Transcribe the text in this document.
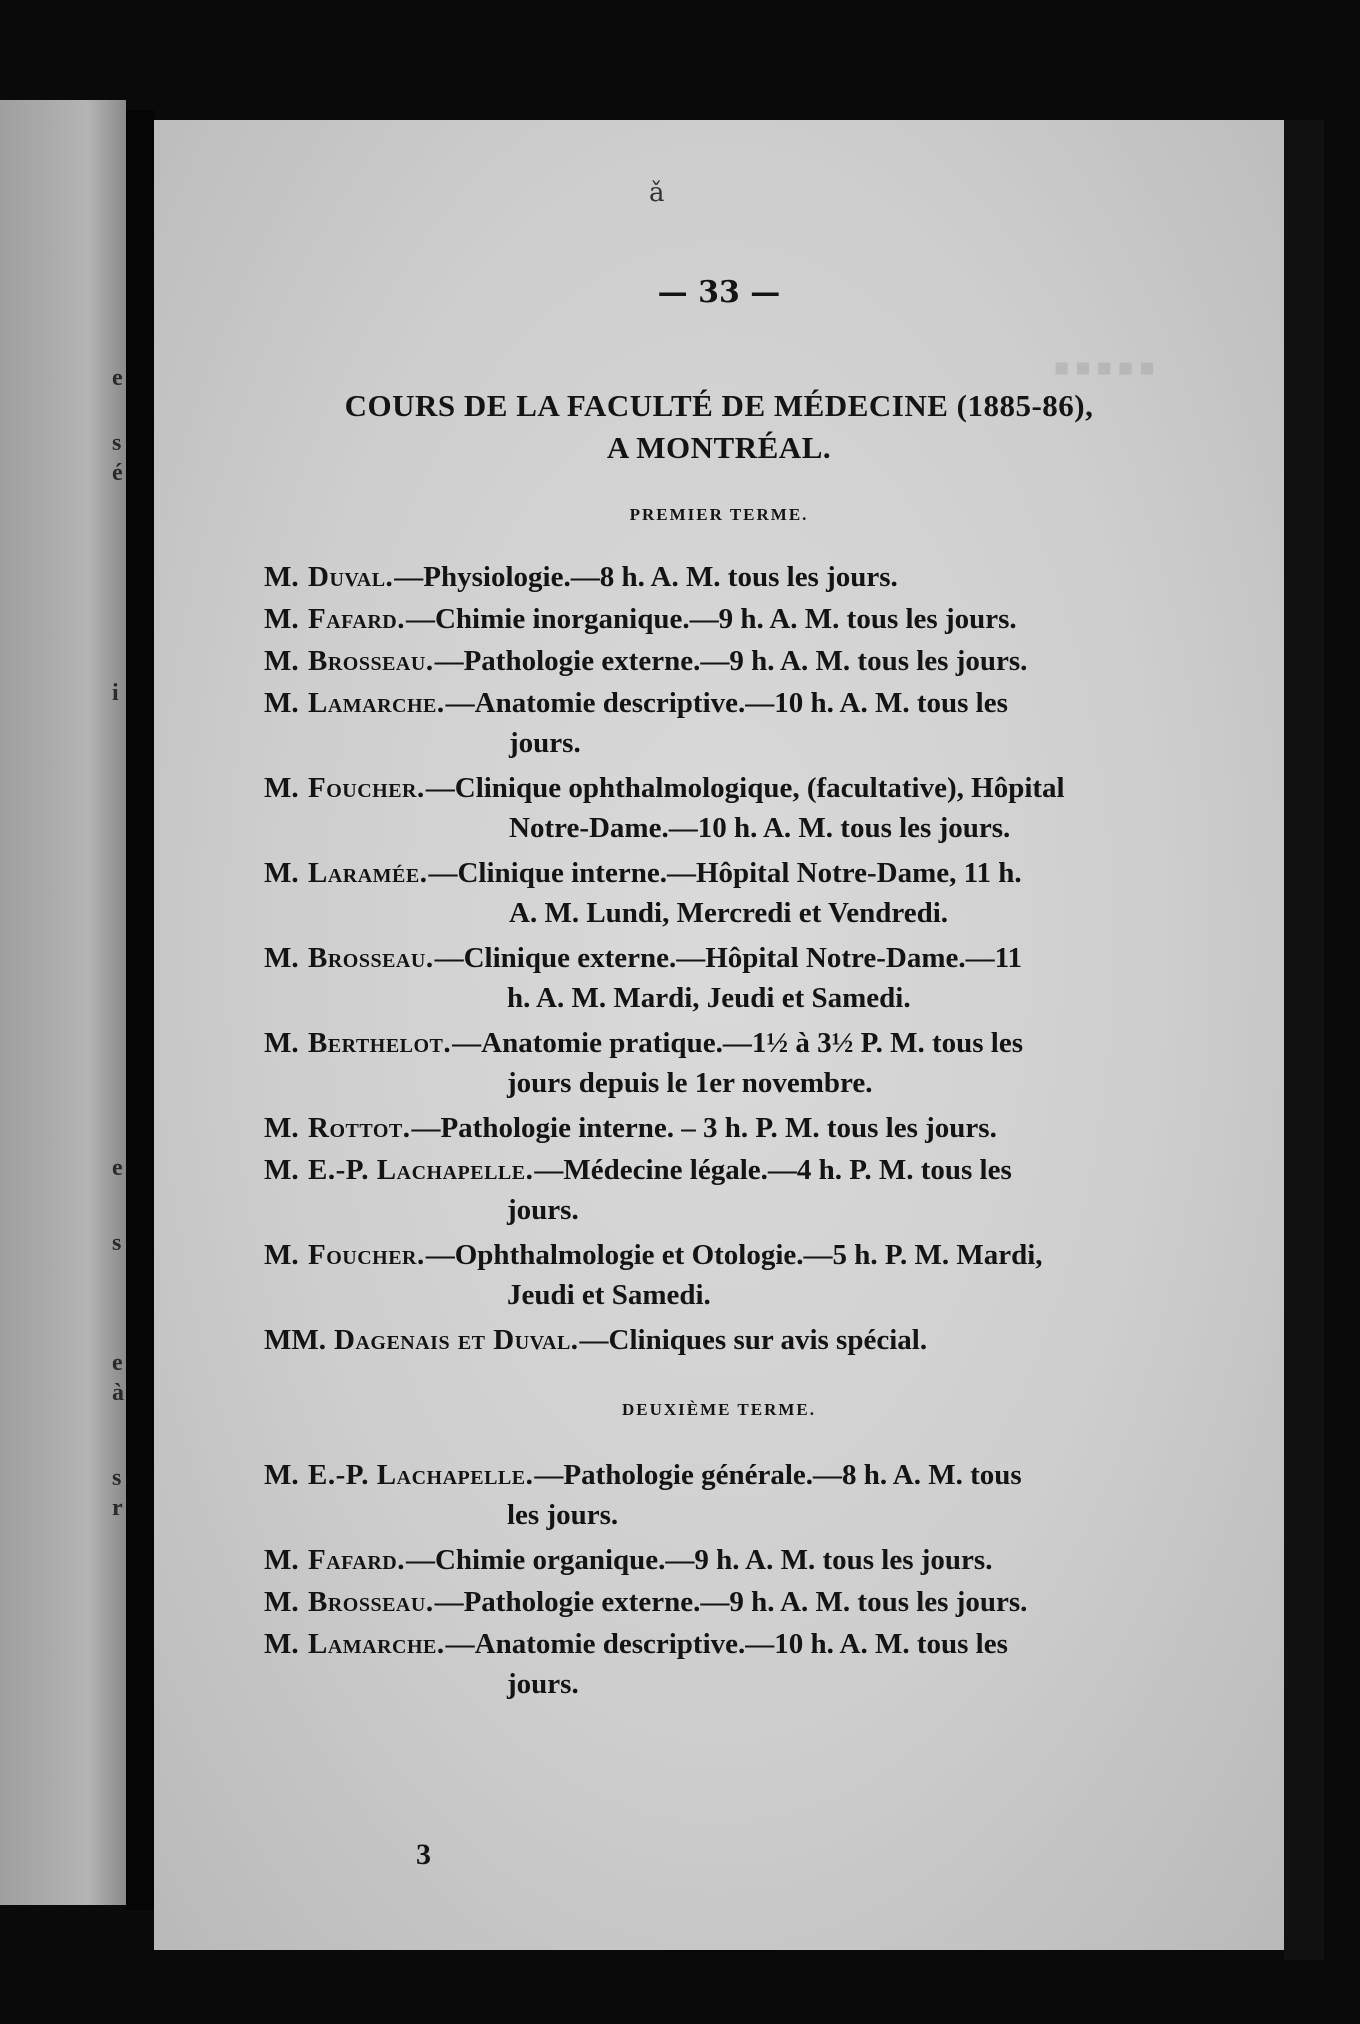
e
s
é
i
e
s
e
à
s
r
■ ■ ■ ■ ■
ǎ
— 33 —
COURS DE LA FACULTÉ DE MÉDECINE (1885-86),
A MONTRÉAL.
PREMIER TERME.
M. Duval.—Physiologie.—8 h. A. M. tous les jours.
M. Fafard.—Chimie inorganique.—9 h. A. M. tous les jours.
M. Brosseau.—Pathologie externe.—9 h. A. M. tous les jours.
M. Lamarche.—Anatomie descriptive.—10 h. A. M. tous les
jours.
M. Foucher.—Clinique ophthalmologique, (facultative), Hôpital
Notre-Dame.—10 h. A. M. tous les jours.
M. Laramée.—Clinique interne.—Hôpital Notre-Dame, 11 h.
A. M. Lundi, Mercredi et Vendredi.
M. Brosseau.—Clinique externe.—Hôpital Notre-Dame.—11
h. A. M. Mardi, Jeudi et Samedi.
M. Berthelot.—Anatomie pratique.—1½ à 3½ P. M. tous les
jours depuis le 1er novembre.
M. Rottot.—Pathologie interne. – 3 h. P. M. tous les jours.
M. E.-P. Lachapelle.—Médecine légale.—4 h. P. M. tous les
jours.
M. Foucher.—Ophthalmologie et Otologie.—5 h. P. M. Mardi,
Jeudi et Samedi.
MM. Dagenais et Duval.—Cliniques sur avis spécial.
DEUXIÈME TERME.
M. E.-P. Lachapelle.—Pathologie générale.—8 h. A. M. tous
les jours.
M. Fafard.—Chimie organique.—9 h. A. M. tous les jours.
M. Brosseau.—Pathologie externe.—9 h. A. M. tous les jours.
M. Lamarche.—Anatomie descriptive.—10 h. A. M. tous les
jours.
3
